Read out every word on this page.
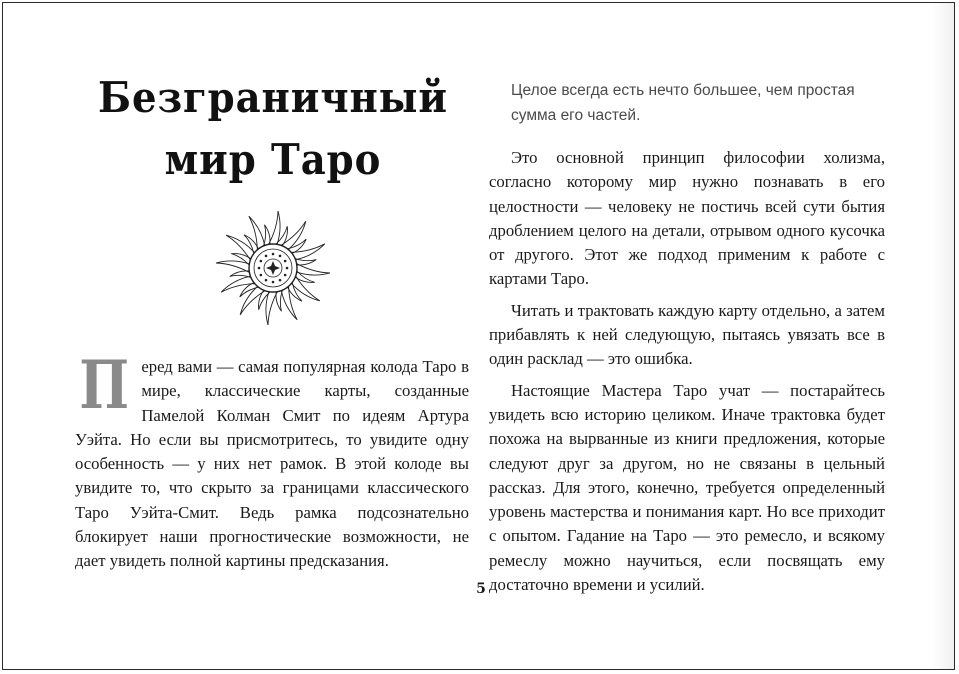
Безграничный
мир Таро
П еред вами — самая популярная колода Таро в мире, классические карты, созданные Памелой Колман Смит по идеям Артура Уэйта. Но если вы присмотритесь, то увидите одну особенность — у них нет рамок. В этой колоде вы увидите то, что скрыто за границами классического Таро Уэйта-Смит. Ведь рамка подсознательно блокирует наши прогностические возможности, не дает увидеть полной картины предсказания.
Целое всегда есть нечто большее, чем простая сумма его частей.

Это основной принцип философии холизма, согласно которому мир нужно познавать в его целостности — человеку не постичь всей сути бытия дроблением целого на детали, отрывом одного кусочка от другого. Этот же подход применим к работе с картами Таро.

Читать и трактовать каждую карту отдельно, а затем прибавлять к ней следующую, пытаясь увязать все в один расклад — это ошибка.

Настоящие Мастера Таро учат — постарайтесь увидеть всю историю целиком. Иначе трактовка будет похожа на вырванные из книги предложения, которые следуют друг за другом, но не связаны в цельный рассказ. Для этого, конечно, требуется определенный уровень мастерства и понимания карт. Но все приходит с опытом. Гадание на Таро — это ремесло, и всякому ремеслу можно научиться, если посвящать ему достаточно времени и усилий.

5
